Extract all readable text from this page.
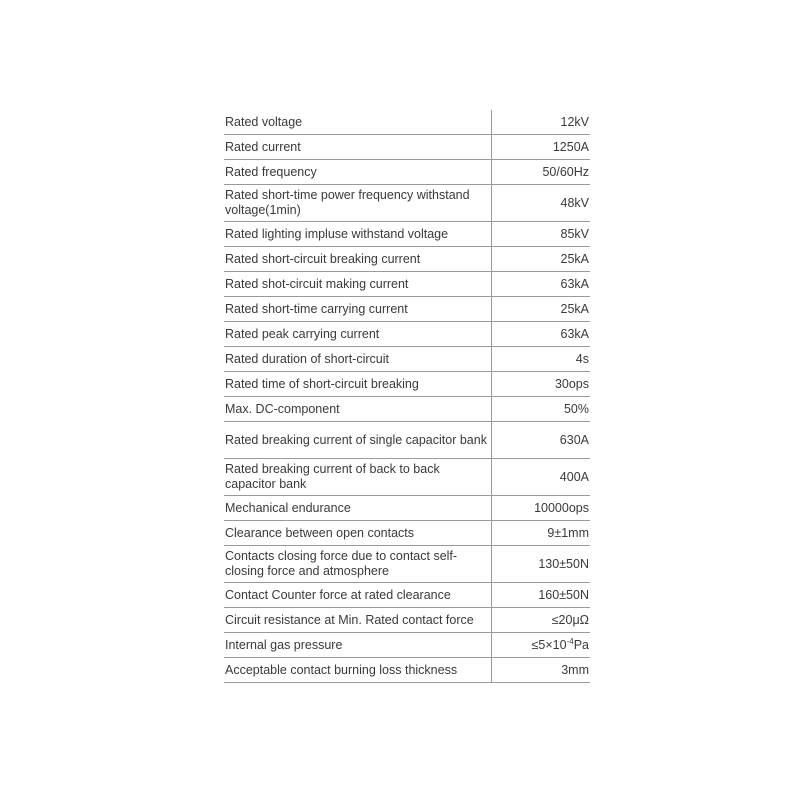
Rated voltage	12kV
Rated current	1250A
Rated frequency	50/60Hz
Rated short-time power frequency withstand voltage(1min)	48kV
Rated lighting impluse withstand voltage	85kV
Rated short-circuit breaking current	25kA
Rated shot-circuit making current	63kA
Rated short-time carrying current	25kA
Rated peak carrying current	63kA
Rated duration of short-circuit	4s
Rated time of short-circuit breaking	30ops
Max. DC-component	50%
Rated breaking current of single capacitor bank	630A
Rated breaking current of back to back capacitor bank	400A
Mechanical endurance	10000ops
Clearance between open contacts	9±1mm
Contacts closing force due to contact self-closing force and atmosphere	130±50N
Contact Counter force at rated clearance	160±50N
Circuit resistance at Min. Rated contact force	≤20μΩ
Internal gas pressure	$\le 5\times 10^{-4}Pa$
Acceptable contact burning loss thickness	3mm
